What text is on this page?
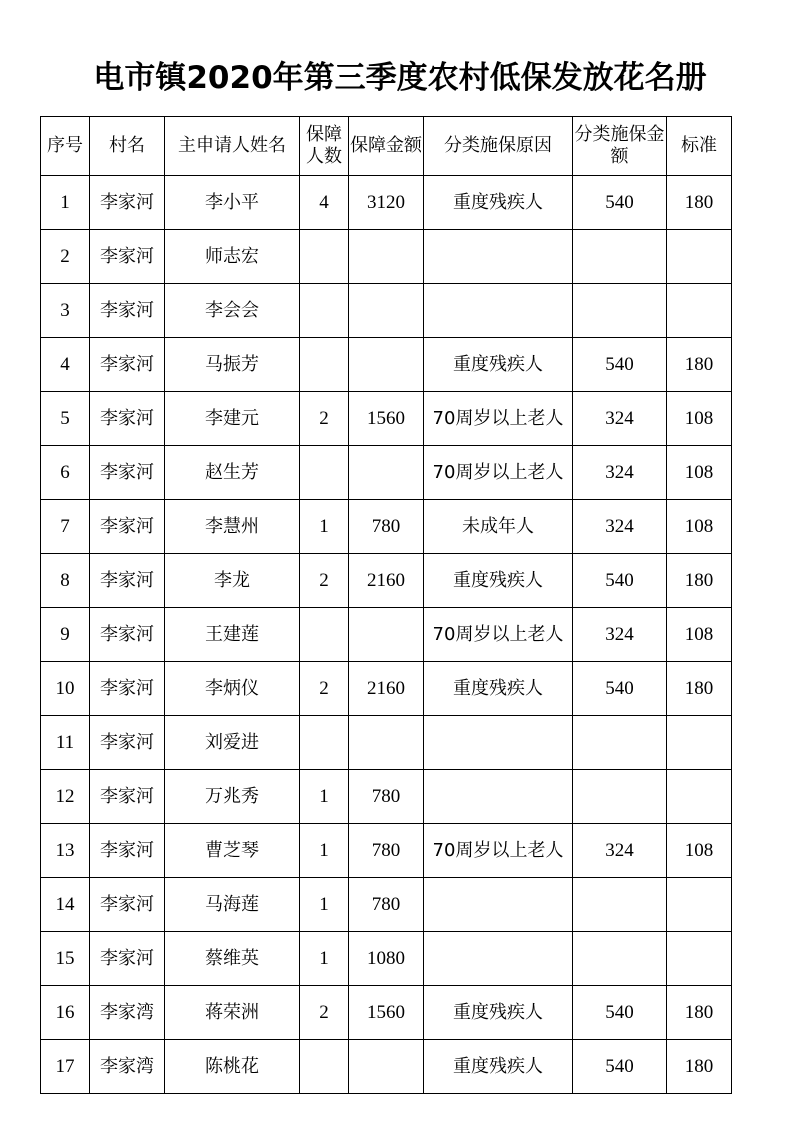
电市镇2020年第三季度农村低保发放花名册
序号	村名	主申请人姓名	保障人数	保障金额	分类施保原因	分类施保金额	标准
1	李家河	李小平	4	3120	重度残疾人	540	180
2	李家河	师志宏					
3	李家河	李会会					
4	李家河	马振芳			重度残疾人	540	180
5	李家河	李建元	2	1560	70周岁以上老人	324	108
6	李家河	赵生芳			70周岁以上老人	324	108
7	李家河	李慧州	1	780	未成年人	324	108
8	李家河	李龙	2	2160	重度残疾人	540	180
9	李家河	王建莲			70周岁以上老人	324	108
10	李家河	李炳仪	2	2160	重度残疾人	540	180
11	李家河	刘爱进					
12	李家河	万兆秀	1	780			
13	李家河	曹芝琴	1	780	70周岁以上老人	324	108
14	李家河	马海莲	1	780			
15	李家河	蔡维英	1	1080			
16	李家湾	蒋荣洲	2	1560	重度残疾人	540	180
17	李家湾	陈桃花			重度残疾人	540	180
